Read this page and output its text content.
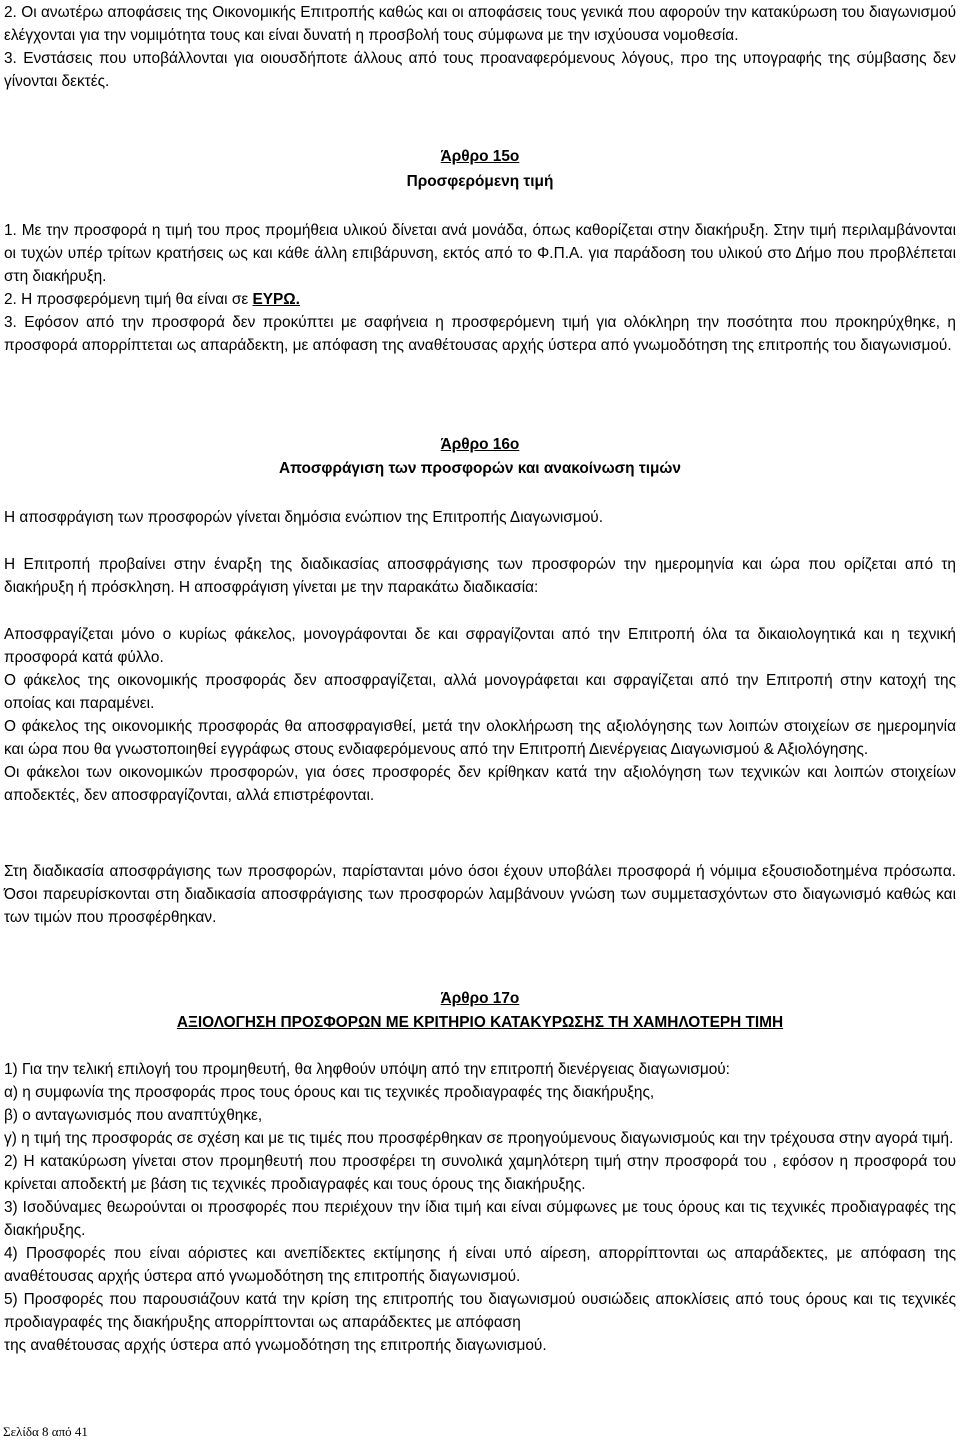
2. Οι ανωτέρω αποφάσεις της Οικονομικής Επιτροπής καθώς και οι αποφάσεις τους γενικά που αφορούν την κατακύρωση του διαγωνισμού ελέγχονται για την νομιμότητα τους και είναι δυνατή η προσβολή τους σύμφωνα με την ισχύουσα νομοθεσία.

3. Ενστάσεις που υποβάλλονται για οιουσδήποτε άλλους από τους προαναφερόμενους λόγους, προ της υπογραφής της σύμβασης δεν γίνονται δεκτές.

Άρθρο 15ο

Προσφερόμενη τιμή

1. Με την προσφορά η τιμή του προς προμήθεια υλικού δίνεται ανά μονάδα, όπως καθορίζεται στην διακήρυξη. Στην τιμή περιλαμβάνονται οι τυχών υπέρ τρίτων κρατήσεις ως και κάθε άλλη επιβάρυνση, εκτός από το Φ.Π.Α. για παράδοση του υλικού στο Δήμο που προβλέπεται στη διακήρυξη.

2. Η προσφερόμενη τιμή θα είναι σε ΕΥΡΩ.

3. Εφόσον από την προσφορά δεν προκύπτει με σαφήνεια η προσφερόμενη τιμή για ολόκληρη την ποσότητα που προκηρύχθηκε, η προσφορά απορρίπτεται ως απαράδεκτη, με απόφαση της αναθέτουσας αρχής ύστερα από γνωμοδότηση της επιτροπής του διαγωνισμού.

Άρθρο 16ο

Αποσφράγιση των προσφορών και ανακοίνωση τιμών

Η αποσφράγιση των προσφορών γίνεται δημόσια ενώπιον της Επιτροπής Διαγωνισμού.

Η Επιτροπή προβαίνει στην έναρξη της διαδικασίας αποσφράγισης των προσφορών την ημερομηνία και ώρα που ορίζεται από τη διακήρυξη ή πρόσκληση. Η αποσφράγιση γίνεται με την παρακάτω διαδικασία:

Αποσφραγίζεται μόνο ο κυρίως φάκελος, μονογράφονται δε και σφραγίζονται από την Επιτροπή όλα τα δικαιολογητικά και η τεχνική προσφορά κατά φύλλο.

Ο φάκελος της οικονομικής προσφοράς δεν αποσφραγίζεται, αλλά μονογράφεται και σφραγίζεται από την Επιτροπή στην κατοχή της οποίας και παραμένει.

Ο φάκελος της οικονομικής προσφοράς θα αποσφραγισθεί, μετά την ολοκλήρωση της αξιολόγησης των λοιπών στοιχείων σε ημερομηνία και ώρα που θα γνωστοποιηθεί εγγράφως στους ενδιαφερόμενους από την Επιτροπή Διενέργειας Διαγωνισμού & Αξιολόγησης.

Οι φάκελοι των οικονομικών προσφορών, για όσες προσφορές δεν κρίθηκαν κατά την αξιολόγηση των τεχνικών και λοιπών στοιχείων αποδεκτές, δεν αποσφραγίζονται, αλλά επιστρέφονται.

Στη διαδικασία αποσφράγισης των προσφορών, παρίστανται μόνο όσοι έχουν υποβάλει προσφορά ή νόμιμα εξουσιοδοτημένα πρόσωπα. Όσοι παρευρίσκονται στη διαδικασία αποσφράγισης των προσφορών λαμβάνουν γνώση των συμμετασχόντων στο διαγωνισμό καθώς και των τιμών που προσφέρθηκαν.

Άρθρο 17ο

ΑΞΙΟΛΟΓΗΣΗ ΠΡΟΣΦΟΡΩΝ ΜΕ ΚΡΙΤΗΡΙΟ ΚΑΤΑΚΥΡΩΣΗΣ ΤΗ ΧΑΜΗΛΟΤΕΡΗ ΤΙΜΗ

1) Για την τελική επιλογή του προμηθευτή, θα ληφθούν υπόψη από την επιτροπή διενέργειας διαγωνισμού:

α) η συμφωνία της προσφοράς προς τους όρους και τις τεχνικές προδιαγραφές της διακήρυξης,

β) ο ανταγωνισμός που αναπτύχθηκε,

γ) η τιμή της προσφοράς σε σχέση και με τις τιμές που προσφέρθηκαν σε προηγούμενους διαγωνισμούς και την τρέχουσα στην αγορά τιμή.

2) Η κατακύρωση γίνεται στον προμηθευτή που προσφέρει τη συνολικά χαμηλότερη τιμή στην προσφορά του , εφόσον η προσφορά του κρίνεται αποδεκτή με βάση τις τεχνικές προδιαγραφές και τους όρους της διακήρυξης.

3) Ισοδύναμες θεωρούνται οι προσφορές που περιέχουν την ίδια τιμή και είναι σύμφωνες με τους όρους και τις τεχνικές προδιαγραφές της διακήρυξης.

4) Προσφορές που είναι αόριστες και ανεπίδεκτες εκτίμησης ή είναι υπό αίρεση, απορρίπτονται ως απαράδεκτες, με απόφαση της αναθέτουσας αρχής ύστερα από γνωμοδότηση της επιτροπής διαγωνισμού.

5) Προσφορές που παρουσιάζουν κατά την κρίση της επιτροπής του διαγωνισμού ουσιώδεις αποκλίσεις από τους όρους και τις τεχνικές προδιαγραφές της διακήρυξης απορρίπτονται ως απαράδεκτες με απόφαση

της αναθέτουσας αρχής ύστερα από γνωμοδότηση της επιτροπής διαγωνισμού.

Σελίδα 8 από 41
